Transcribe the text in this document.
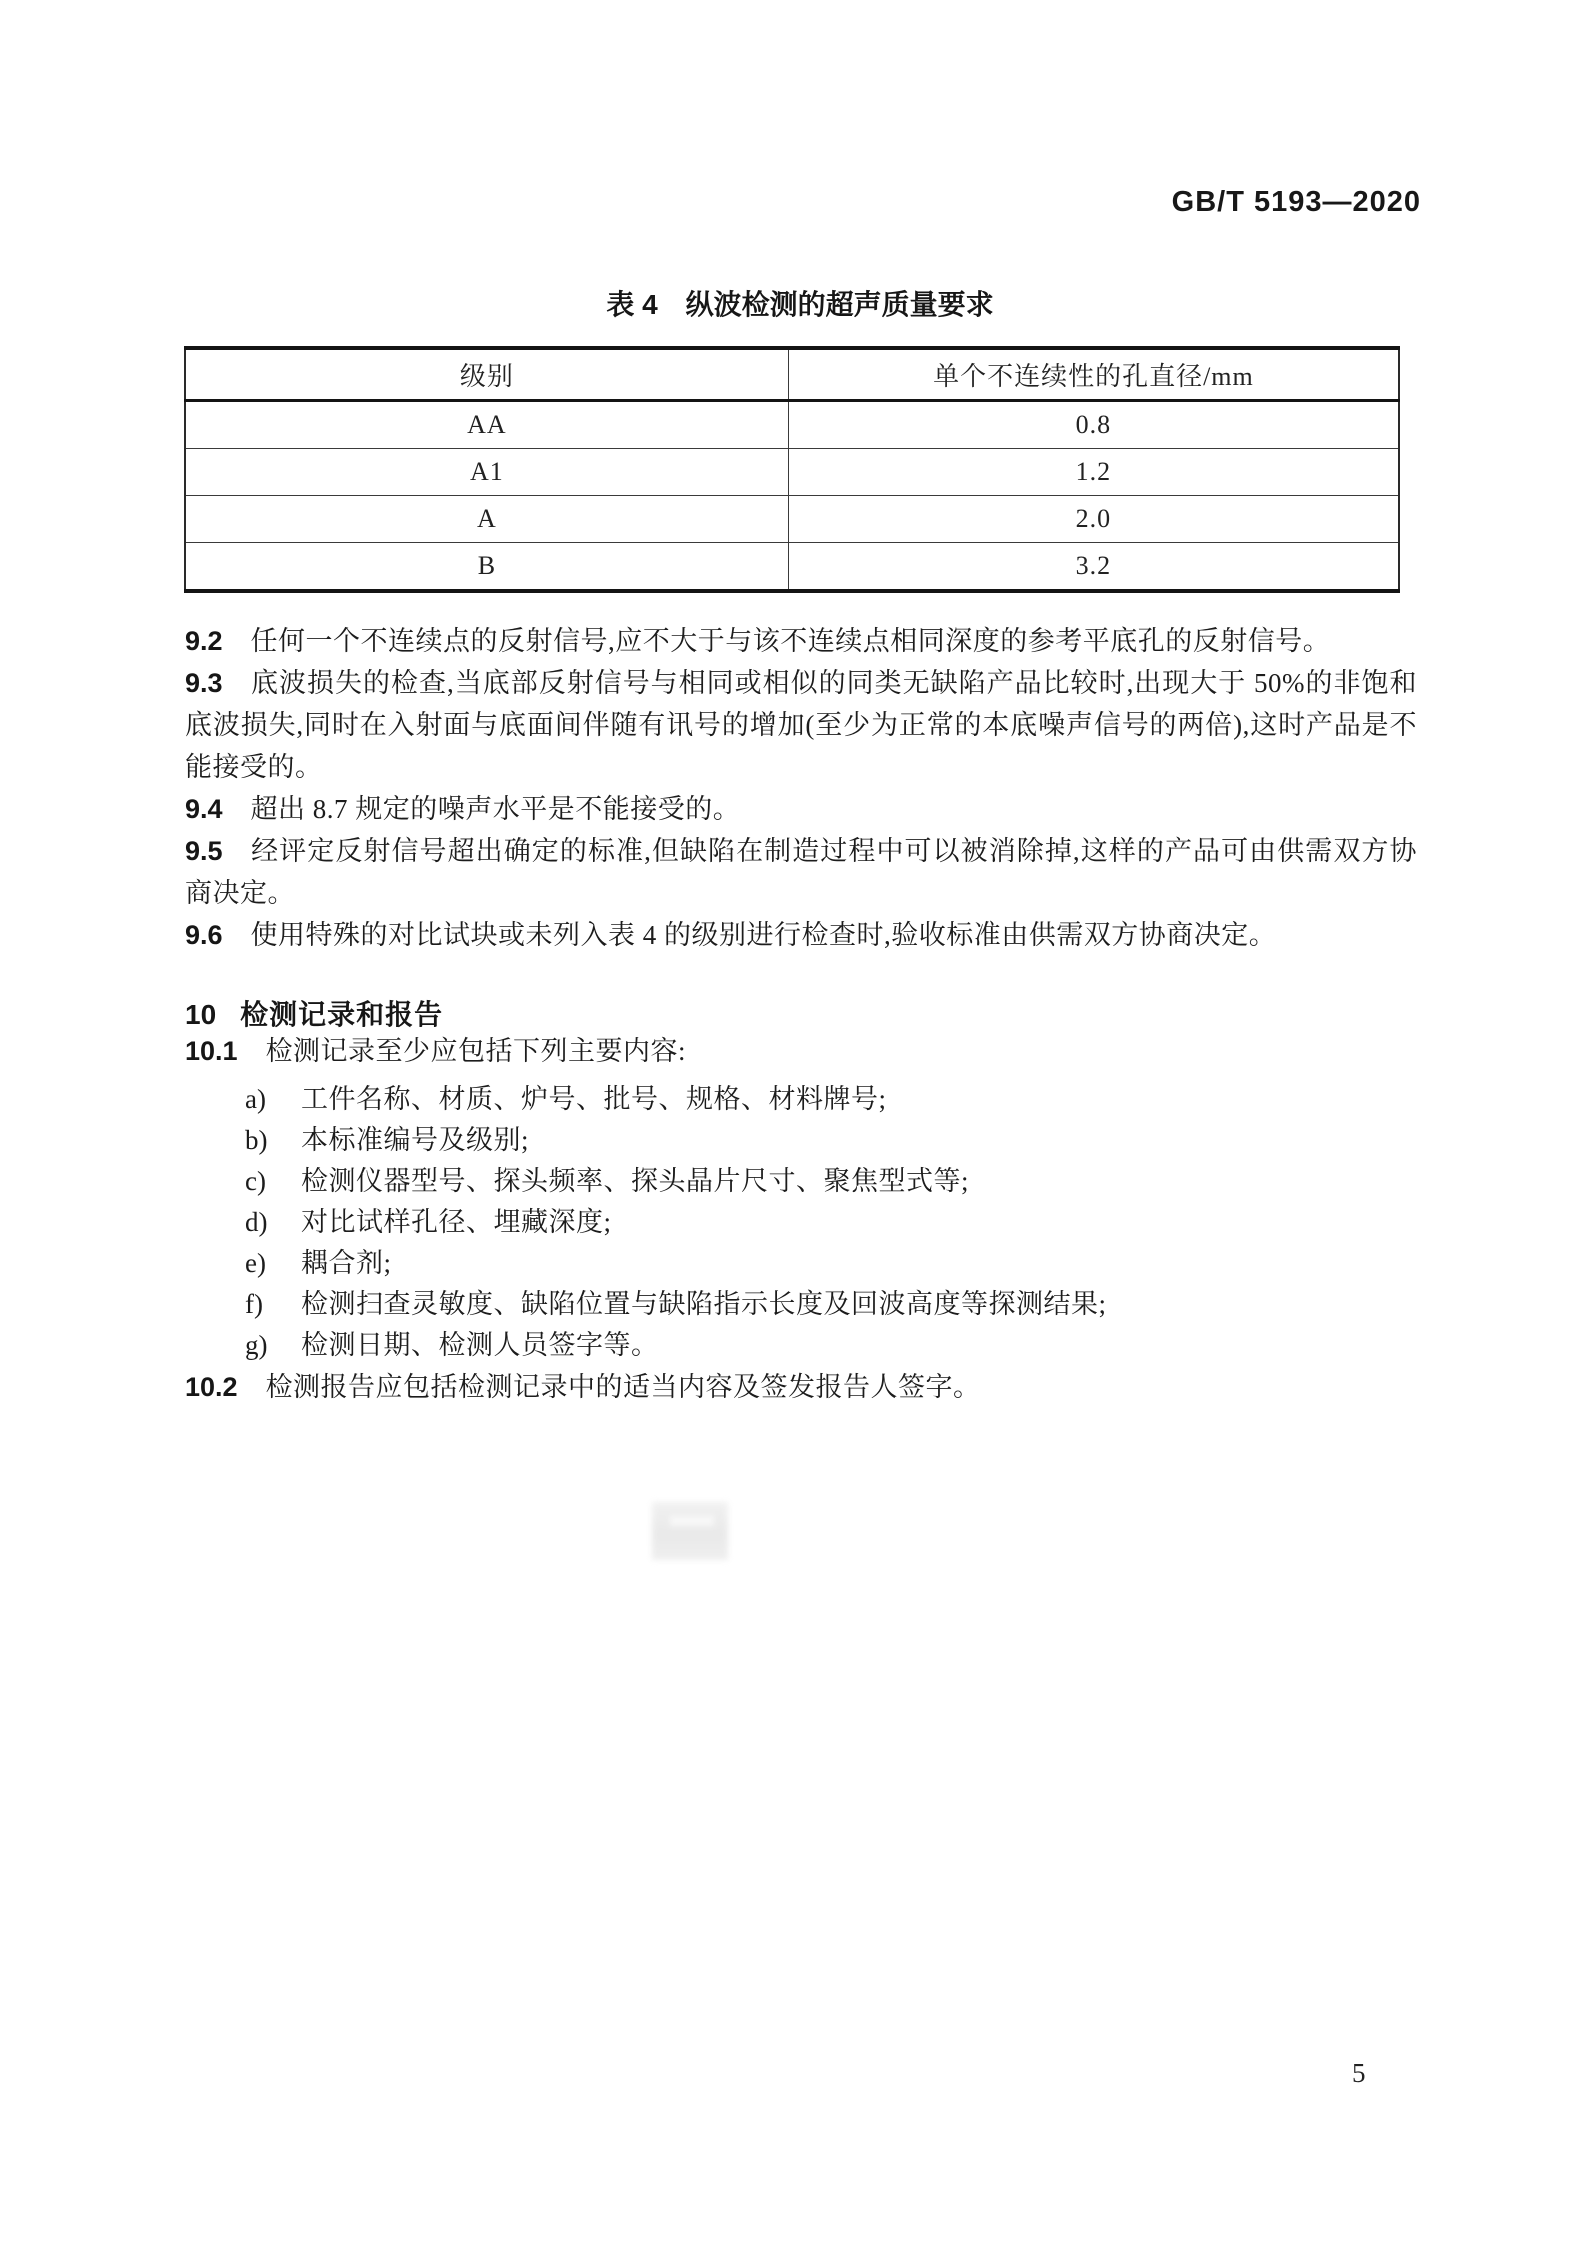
GB/T 5193—2020
表 4　纵波检测的超声质量要求
级别	单个不连续性的孔直径/mm
AA	0.8
A1	1.2
A	2.0
B	3.2

9.2 任何一个不连续点的反射信号,应不大于与该不连续点相同深度的参考平底孔的反射信号。

9.3 底波损失的检查,当底部反射信号与相同或相似的同类无缺陷产品比较时,出现大于 50%的非饱和底波损失,同时在入射面与底面间伴随有讯号的增加(至少为正常的本底噪声信号的两倍),这时产品是不能接受的。

9.4 超出 8.7 规定的噪声水平是不能接受的。

9.5 经评定反射信号超出确定的标准,但缺陷在制造过程中可以被消除掉,这样的产品可由供需双方协商决定。

9.6 使用特殊的对比试块或未列入表 4 的级别进行检查时,验收标准由供需双方协商决定。

10 检测记录和报告

10.1 检测记录至少应包括下列主要内容:

a) 工件名称、材质、炉号、批号、规格、材料牌号;

b) 本标准编号及级别;

c) 检测仪器型号、探头频率、探头晶片尺寸、聚焦型式等;

d) 对比试样孔径、埋藏深度;

e) 耦合剂;

f) 检测扫查灵敏度、缺陷位置与缺陷指示长度及回波高度等探测结果;

g) 检测日期、检测人员签字等。

10.2 检测报告应包括检测记录中的适当内容及签发报告人签字。

5
